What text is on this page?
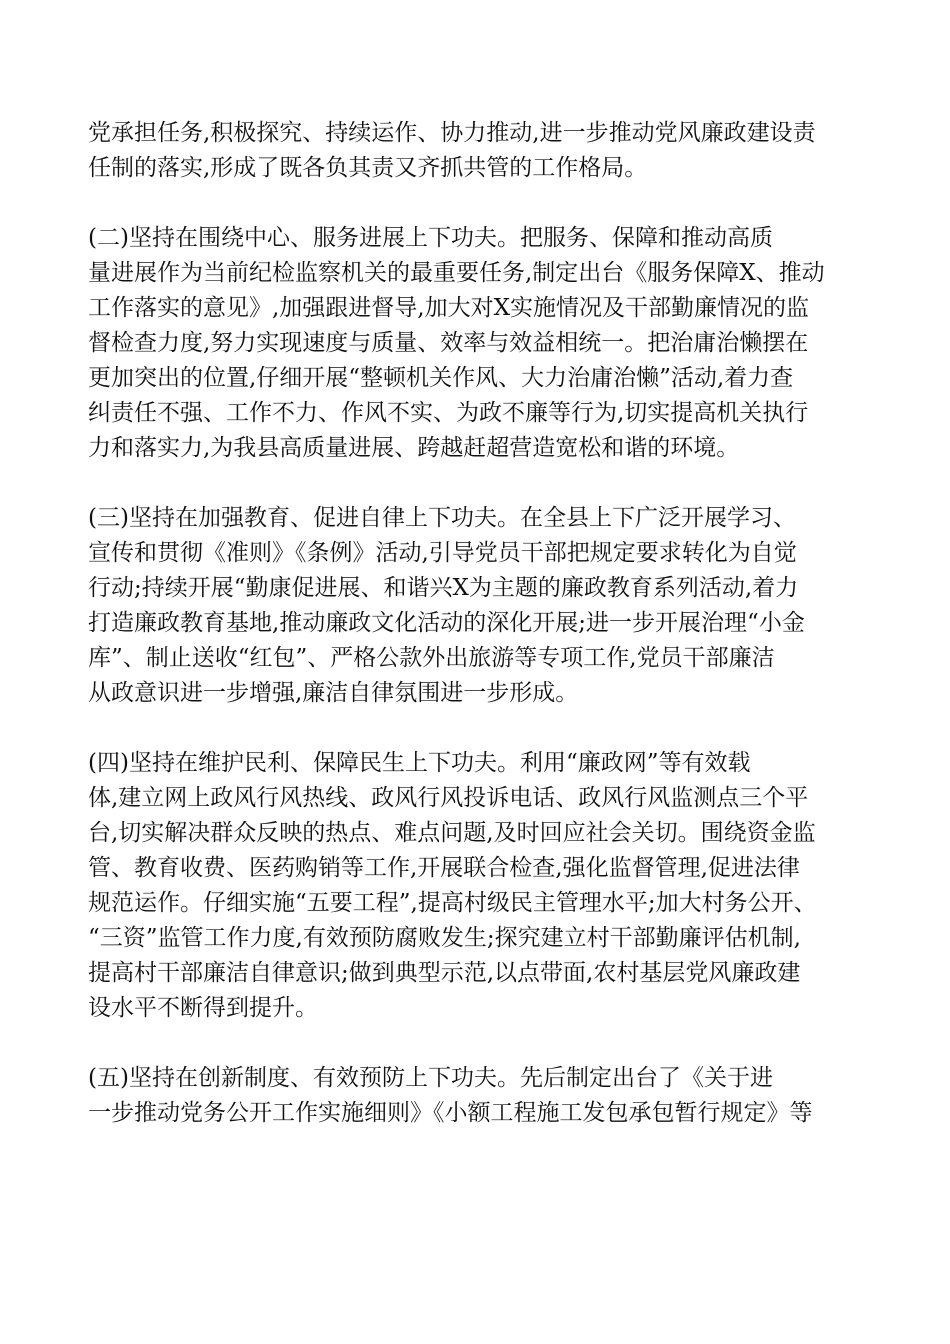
党承担任务,积极探究、持续运作、协力推动,进一步推动党风廉政建设责
任制的落实,形成了既各负其责又齐抓共管的工作格局。

(二)坚持在围绕中心、服务进展上下功夫。把服务、保障和推动高质
量进展作为当前纪检监察机关的最重要任务,制定出台《服务保障X、推动
工作落实的意见》,加强跟进督导,加大对X实施情况及干部勤廉情况的监
督检查力度,努力实现速度与质量、效率与效益相统一。把治庸治懒摆在
更加突出的位置,仔细开展“整顿机关作风、大力治庸治懒”活动,着力查
纠责任不强、工作不力、作风不实、为政不廉等行为,切实提高机关执行
力和落实力,为我县高质量进展、跨越赶超营造宽松和谐的环境。

(三)坚持在加强教育、促进自律上下功夫。在全县上下广泛开展学习、
宣传和贯彻《准则》《条例》活动,引导党员干部把规定要求转化为自觉
行动;持续开展“勤康促进展、和谐兴X为主题的廉政教育系列活动,着力
打造廉政教育基地,推动廉政文化活动的深化开展;进一步开展治理“小金
库”、制止送收“红包”、严格公款外出旅游等专项工作,党员干部廉洁
从政意识进一步增强,廉洁自律氛围进一步形成。

(四)坚持在维护民利、保障民生上下功夫。利用“廉政网”等有效载
体,建立网上政风行风热线、政风行风投诉电话、政风行风监测点三个平
台,切实解决群众反映的热点、难点问题,及时回应社会关切。围绕资金监
管、教育收费、医药购销等工作,开展联合检查,强化监督管理,促进法律
规范运作。仔细实施“五要工程”,提高村级民主管理水平;加大村务公开、
“三资”监管工作力度,有效预防腐败发生;探究建立村干部勤廉评估机制,
提高村干部廉洁自律意识;做到典型示范,以点带面,农村基层党风廉政建
设水平不断得到提升。

(五)坚持在创新制度、有效预防上下功夫。先后制定出台了《关于进
一步推动党务公开工作实施细则》《小额工程施工发包承包暂行规定》等
